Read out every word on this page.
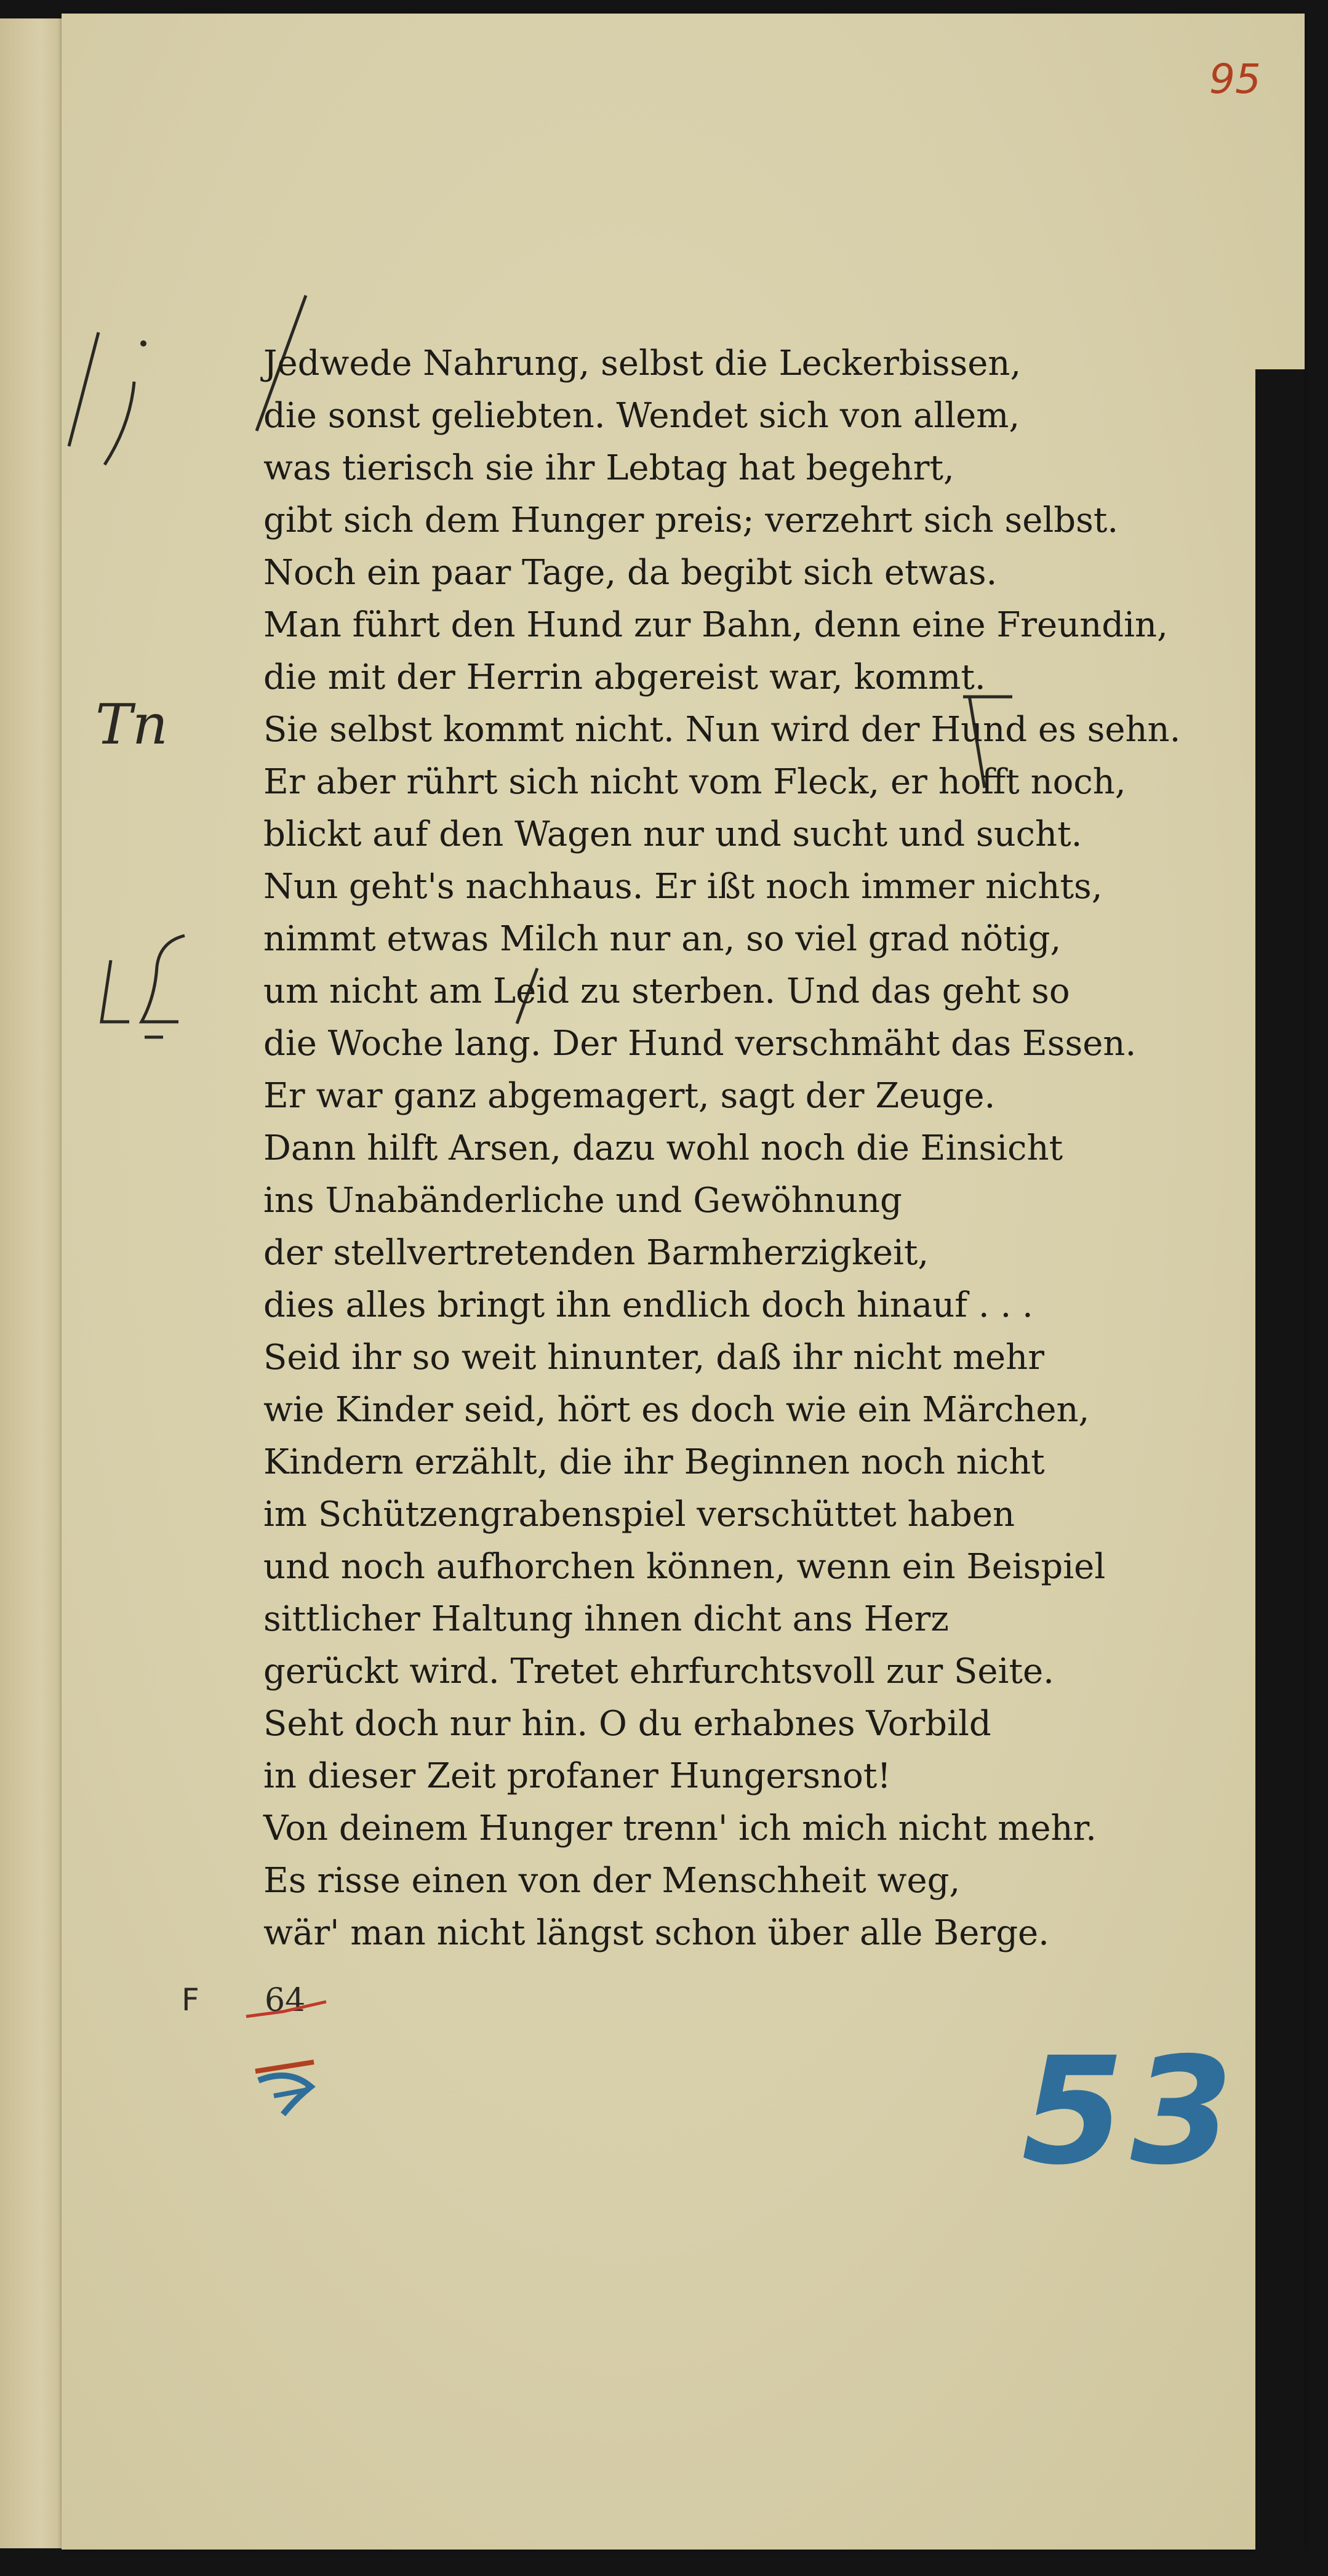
95
Tn
Jedwede Nahrung, selbst die Leckerbissen,
die sonst geliebten. Wendet sich von allem,
was tierisch sie ihr Lebtag hat begehrt,
gibt sich dem Hunger preis; verzehrt sich selbst.
Noch ein paar Tage, da begibt sich etwas.
Man führt den Hund zur Bahn, denn eine Freundin,
die mit der Herrin abgereist war, kommt.
Sie selbst kommt nicht. Nun wird der Hund es sehn.
Er aber rührt sich nicht vom Fleck, er hofft noch,
blickt auf den Wagen nur und sucht und sucht.
Nun geht's nachhaus. Er ißt noch immer nichts,
nimmt etwas Milch nur an, so viel grad nötig,
um nicht am Leid zu sterben. Und das geht so
die Woche lang. Der Hund verschmäht das Essen.
Er war ganz abgemagert, sagt der Zeuge.
Dann hilft Arsen, dazu wohl noch die Einsicht
ins Unabänderliche und Gewöhnung
der stellvertretenden Barmherzigkeit,
dies alles bringt ihn endlich doch hinauf . . .
Seid ihr so weit hinunter, daß ihr nicht mehr
wie Kinder seid, hört es doch wie ein Märchen,
Kindern erzählt, die ihr Beginnen noch nicht
im Schützengrabenspiel verschüttet haben
und noch aufhorchen können, wenn ein Beispiel
sittlicher Haltung ihnen dicht ans Herz
gerückt wird. Tretet ehrfurchtsvoll zur Seite.
Seht doch nur hin. O du erhabnes Vorbild
in dieser Zeit profaner Hungersnot!
Von deinem Hunger trenn' ich mich nicht mehr.
Es risse einen von der Menschheit weg,
wär' man nicht längst schon über alle Berge.
F 64
53
